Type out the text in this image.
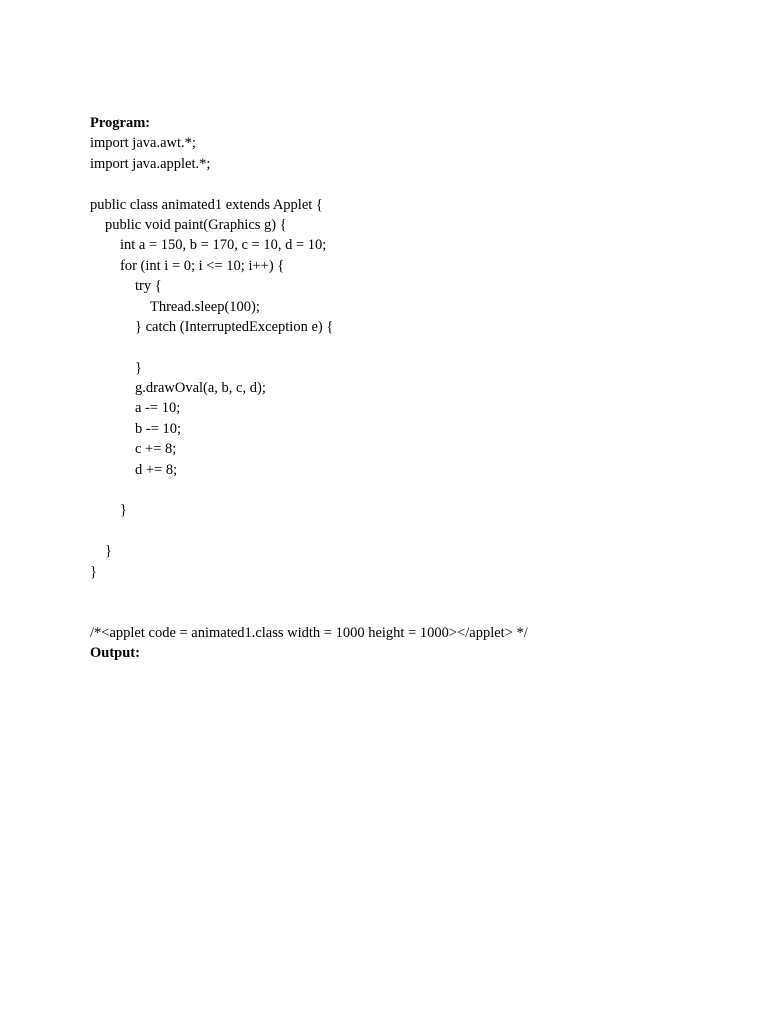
Program:
import java.awt.*;
import java.applet.*;
public class animated1 extends Applet {
public void paint(Graphics g) {
int a = 150, b = 170, c = 10, d = 10;
for (int i = 0; i <= 10; i++) {
try {
Thread.sleep(100);
} catch (InterruptedException e) {
}
g.drawOval(a, b, c, d);
a -= 10;
b -= 10;
c += 8;
d += 8;
}
}
}
/*<applet code = animated1.class width = 1000 height = 1000></applet> */
Output:
